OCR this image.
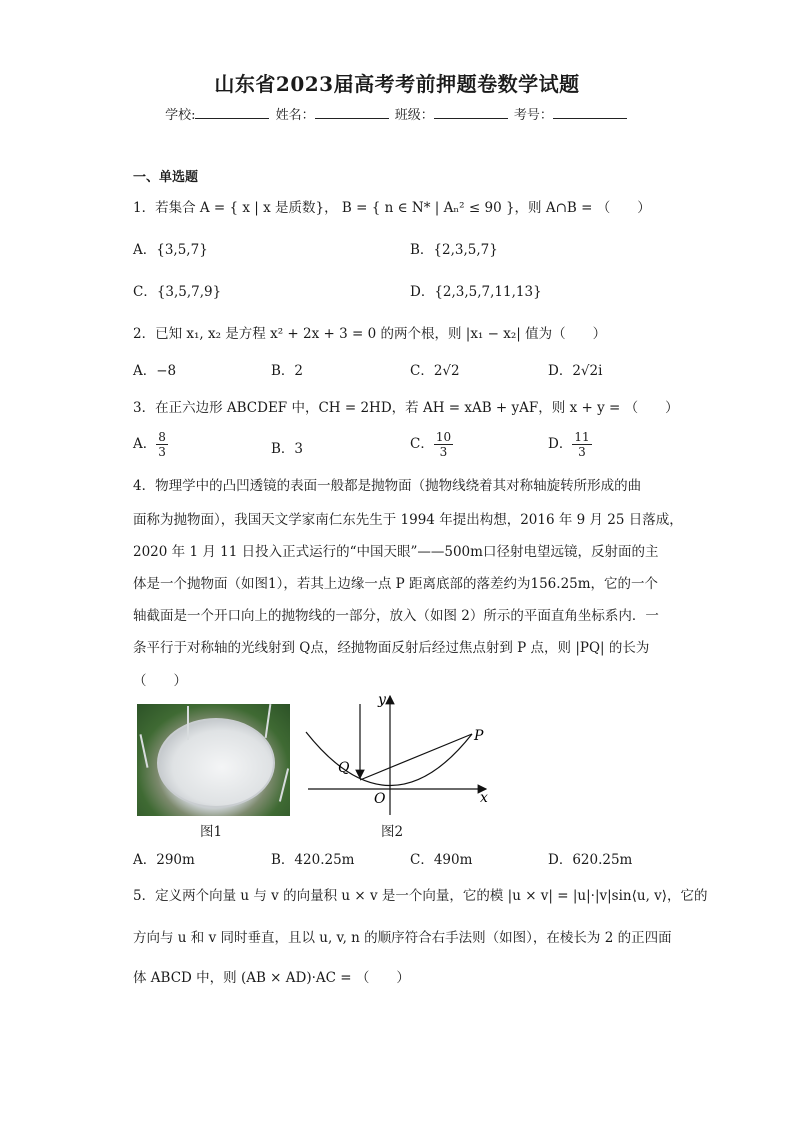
山东省2023届高考考前押题卷数学试题
学校:	姓名：	班级：	考号：
一、单选题
1．若集合 A = { x | x 是质数}， B = { n ∈ N* | Aₙ² ≤ 90 }，则 A∩B = （　　）
A．{3,5,7}	B．{2,3,5,7}
C．{3,5,7,9}	D．{2,3,5,7,11,13}
2．已知 x₁, x₂ 是方程 x² + 2x + 3 = 0 的两个根，则 |x₁ − x₂| 值为（　　）
A．−8	B．2	C．2√2	D．2√2i
3．在正六边形 ABCDEF 中，CH = 2HD，若 AH = xAB + yAF，则 x + y = （　　）
A． $\frac{8}{3}$	B．3	C． $\frac{10}{3}$	D． $\frac{11}{3}$
4．物理学中的凸凹透镜的表面一般都是抛物面（抛物线绕着其对称轴旋转所形成的曲
面称为抛物面），我国天文学家南仁东先生于 1994 年提出构想，2016 年 9 月 25 日落成，
2020 年 1 月 11 日投入正式运行的“中国天眼”——500m口径射电望远镜，反射面的主
体是一个抛物面（如图1），若其上边缘一点 P 距离底部的落差约为156.25m，它的一个
轴截面是一个开口向上的抛物线的一部分，放入（如图 2）所示的平面直角坐标系内．一
条平行于对称轴的光线射到 Q点，经抛物面反射后经过焦点射到 P 点，则 |PQ| 的长为
（　　）
图1
y
x
O
P
Q
图2
A．290m	B．420.25m	C．490m	D．620.25m
5．定义两个向量 u 与 v 的向量积 u × v 是一个向量，它的模 |u × v| = |u|·|v|sin⟨u, v⟩，它的
方向与 u 和 v 同时垂直，且以 u, v, n 的顺序符合右手法则（如图），在棱长为 2 的正四面
体 ABCD 中，则 (AB × AD)·AC = （　　）
